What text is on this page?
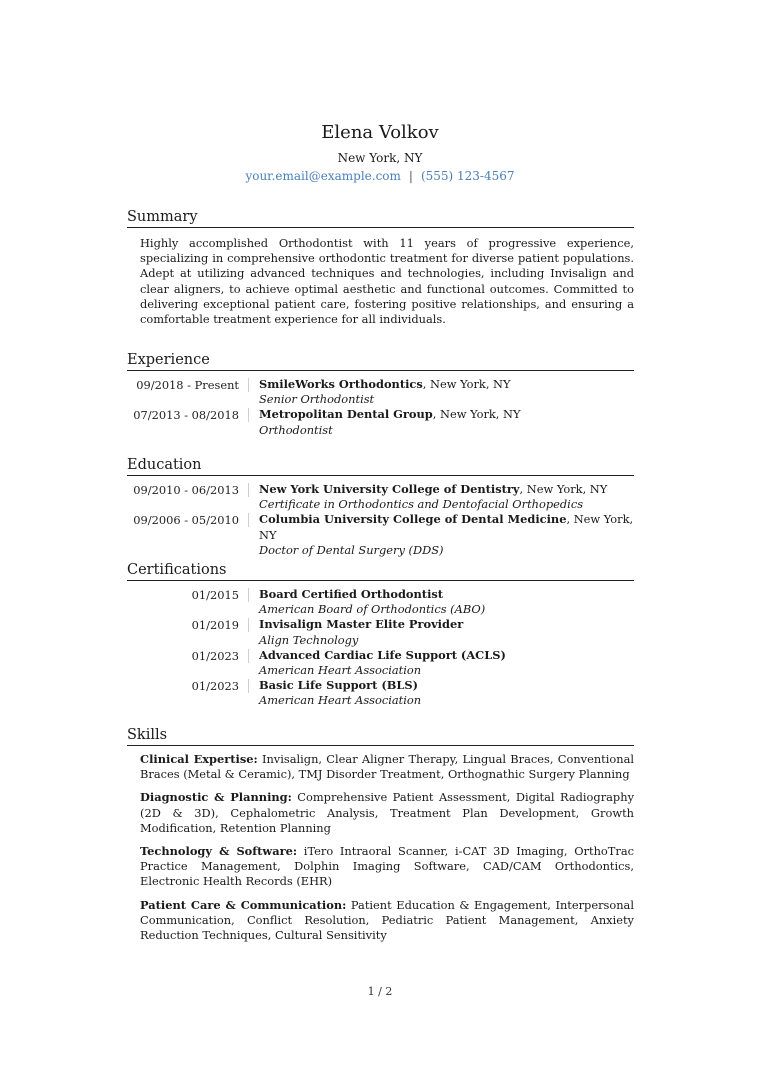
Elena Volkov
New York, NY
your.email@example.com | (555) 123-4567
Summary
Highly accomplished Orthodontist with 11 years of progressive experience, specializing in comprehensive orthodontic treatment for diverse patient populations. Adept at utilizing advanced techniques and technologies, including Invisalign and clear aligners, to achieve optimal aesthetic and functional outcomes. Committed to delivering exceptional patient care, fostering positive relationships, and ensuring a comfortable treatment experience for all individuals.
Experience
09/2018 - Present	SmileWorks Orthodontics, New York, NY
Senior Orthodontist
07/2013 - 08/2018	Metropolitan Dental Group, New York, NY
Orthodontist
Education
09/2010 - 06/2013	New York University College of Dentistry, New York, NY
Certificate in Orthodontics and Dentofacial Orthopedics
09/2006 - 05/2010	Columbia University College of Dental Medicine, New York, NY
Doctor of Dental Surgery (DDS)
Certifications
01/2015	Board Certified Orthodontist
American Board of Orthodontics (ABO)
01/2019	Invisalign Master Elite Provider
Align Technology
01/2023	Advanced Cardiac Life Support (ACLS)
American Heart Association
01/2023	Basic Life Support (BLS)
American Heart Association
Skills
Clinical Expertise: Invisalign, Clear Aligner Therapy, Lingual Braces, Conventional Braces (Metal & Ceramic), TMJ Disorder Treatment, Orthognathic Surgery Planning
Diagnostic & Planning: Comprehensive Patient Assessment, Digital Radiography (2D & 3D), Cephalometric Analysis, Treatment Plan Development, Growth Modification, Retention Planning
Technology & Software: iTero Intraoral Scanner, i-CAT 3D Imaging, OrthoTrac Practice Management, Dolphin Imaging Software, CAD/CAM Orthodontics, Electronic Health Records (EHR)
Patient Care & Communication: Patient Education & Engagement, Interpersonal Communication, Conflict Resolution, Pediatric Patient Management, Anxiety Reduction Techniques, Cultural Sensitivity
1 / 2
